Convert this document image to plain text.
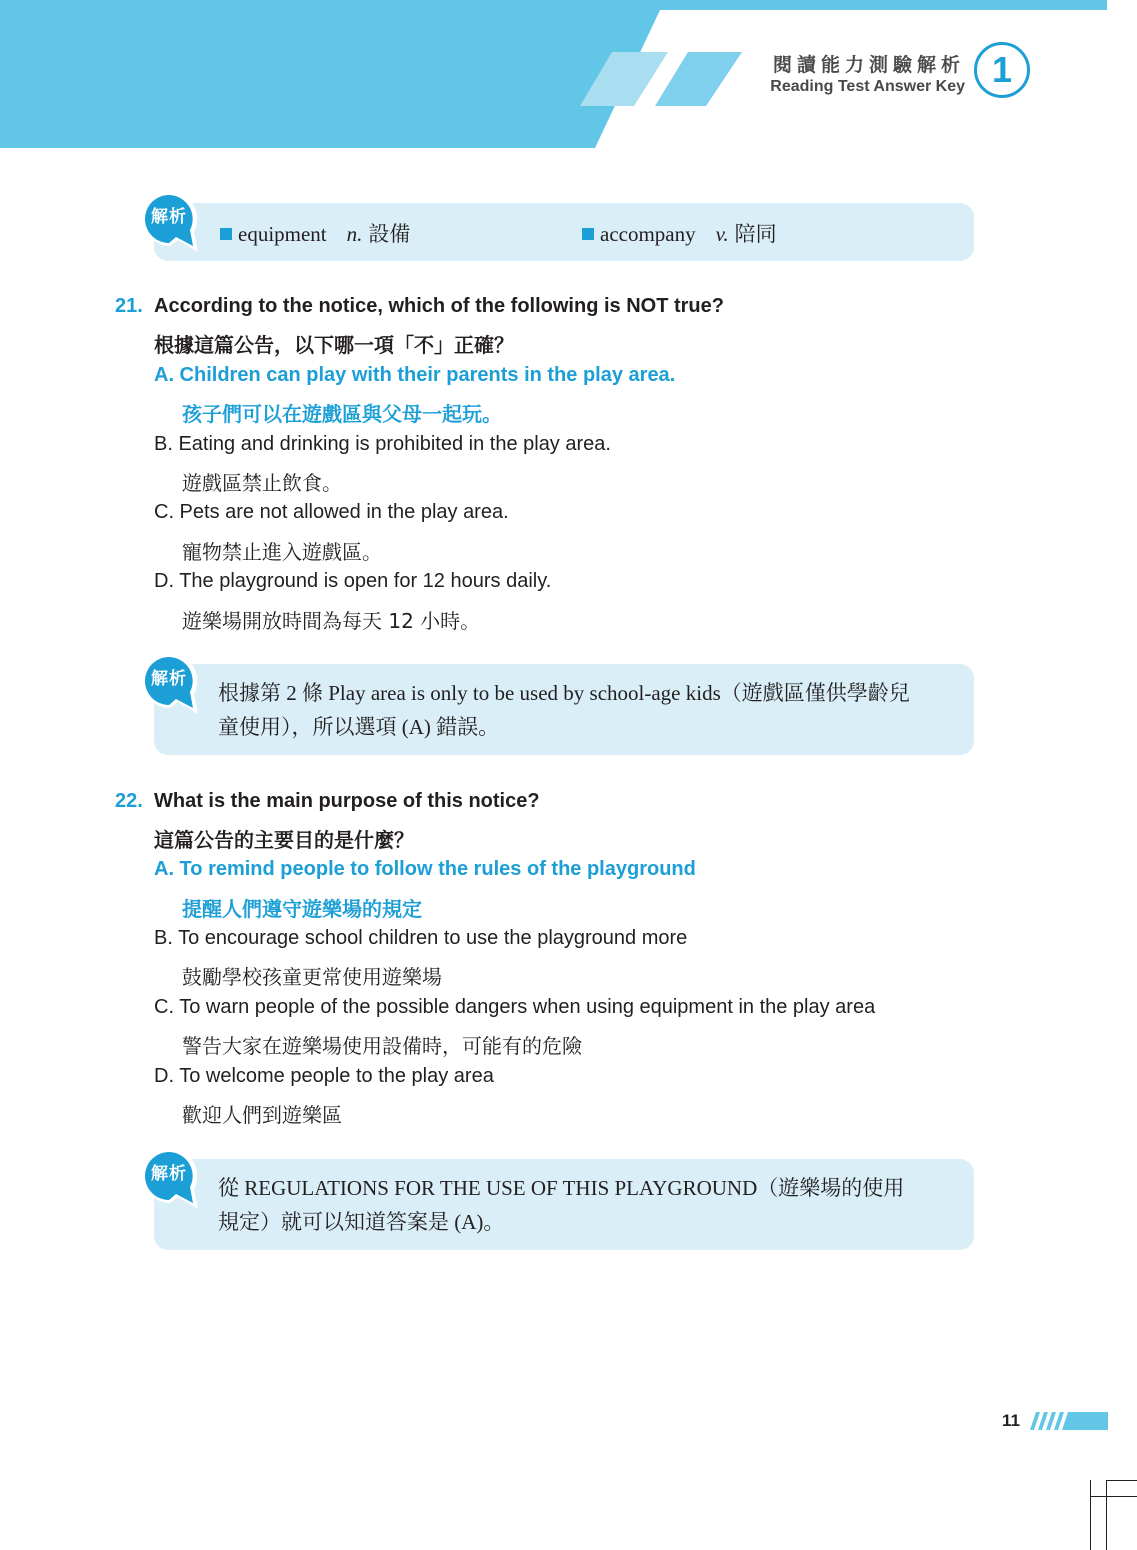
閱讀能力測驗解析
Reading Test Answer Key 1
equipment n. 設備	accompany v. 陪同
解析
21. According to the notice, which of the following is NOT true?
根據這篇公告，以下哪一項「不」正確？
A. Children can play with their parents in the play area.
孩子們可以在遊戲區與父母一起玩。
B. Eating and drinking is prohibited in the play area.
遊戲區禁止飲食。
C. Pets are not allowed in the play area.
寵物禁止進入遊戲區。
D. The playground is open for 12 hours daily.
遊樂場開放時間為每天 12 小時。
根據第 2 條 Play area is only to be used by school-age kids（遊戲區僅供學齡兒
童使用），所以選項 (A) 錯誤。
解析
22. What is the main purpose of this notice?
這篇公告的主要目的是什麼？
A. To remind people to follow the rules of the playground
提醒人們遵守遊樂場的規定
B. To encourage school children to use the playground more
鼓勵學校孩童更常使用遊樂場
C. To warn people of the possible dangers when using equipment in the play area
警告大家在遊樂場使用設備時，可能有的危險
D. To welcome people to the play area
歡迎人們到遊樂區
從 REGULATIONS FOR THE USE OF THIS PLAYGROUND（遊樂場的使用
規定）就可以知道答案是 (A)。
解析
11
